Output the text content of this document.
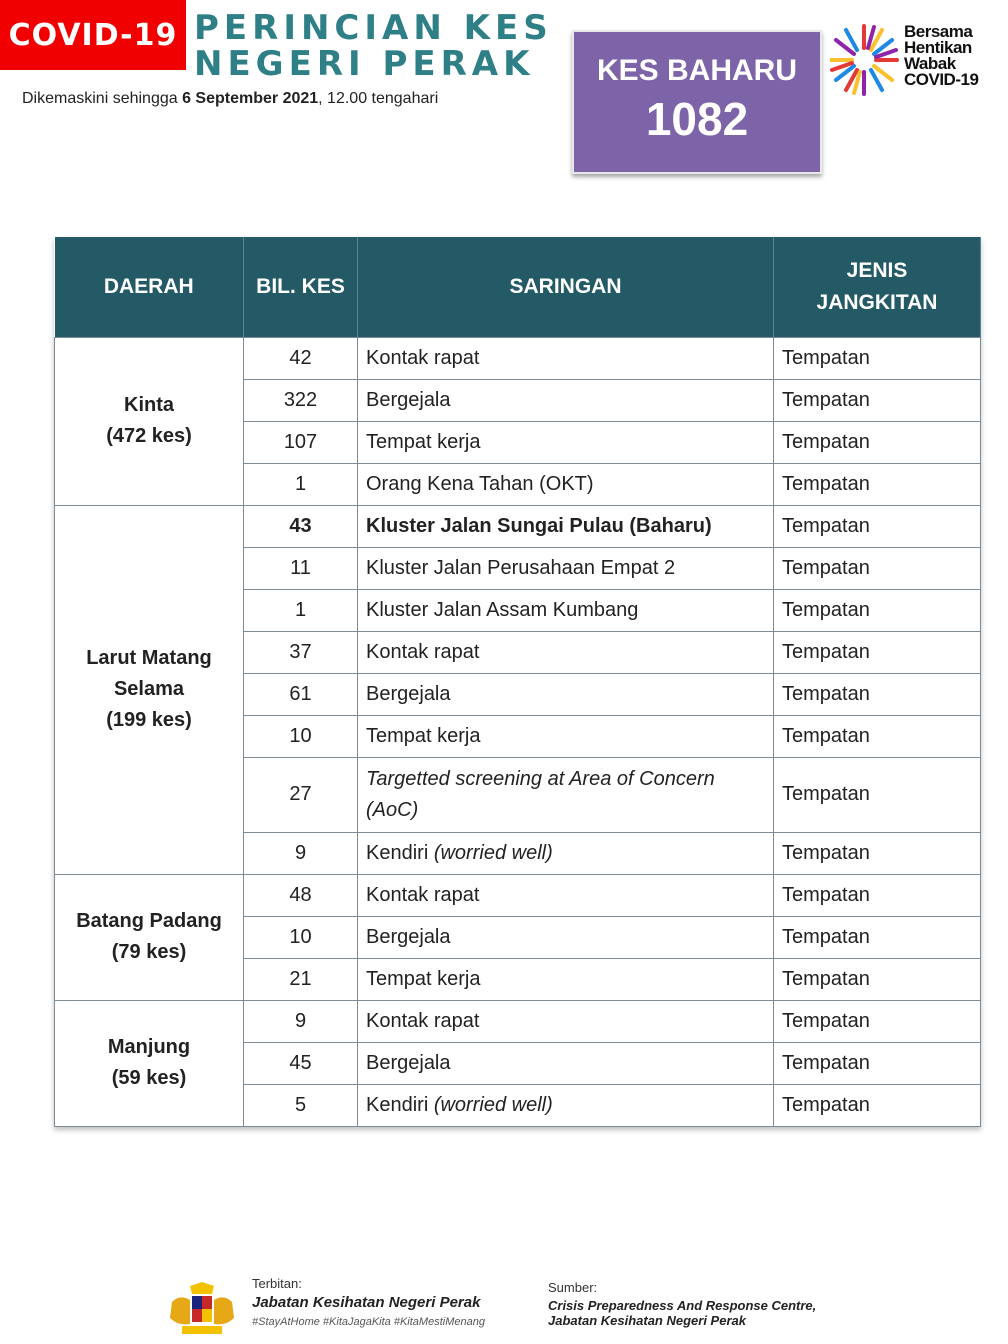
COVID-19 PERINCIAN KES
NEGERI PERAK
Dikemaskini sehingga 6 September 2021, 12.00 tengahari
KES BAHARU
1082
Bersama
Hentikan
Wabak
COVID-19
DAERAH	BIL. KES	SARINGAN	JENIS
JANGKITAN
Kinta
(472 kes)	42	Kontak rapat	Tempatan
	322	Bergejala	Tempatan
	107	Tempat kerja	Tempatan
	1	Orang Kena Tahan (OKT)	Tempatan
Larut Matang
Selama
(199 kes)	43	Kluster Jalan Sungai Pulau (Baharu)	Tempatan
	11	Kluster Jalan Perusahaan Empat 2	Tempatan
	1	Kluster Jalan Assam Kumbang	Tempatan
	37	Kontak rapat	Tempatan
	61	Bergejala	Tempatan
	10	Tempat kerja	Tempatan
	27	Targetted screening at Area of Concern (AoC)	Tempatan
	9	Kendiri (worried well)	Tempatan
Batang Padang
(79 kes)	48	Kontak rapat	Tempatan
	10	Bergejala	Tempatan
	21	Tempat kerja	Tempatan
Manjung
(59 kes)	9	Kontak rapat	Tempatan
	45	Bergejala	Tempatan
	5	Kendiri (worried well)	Tempatan
Terbitan:
Jabatan Kesihatan Negeri Perak
#StayAtHome #KitaJagaKita #KitaMestiMenang
Sumber:
Crisis Preparedness And Response Centre,
Jabatan Kesihatan Negeri Perak
